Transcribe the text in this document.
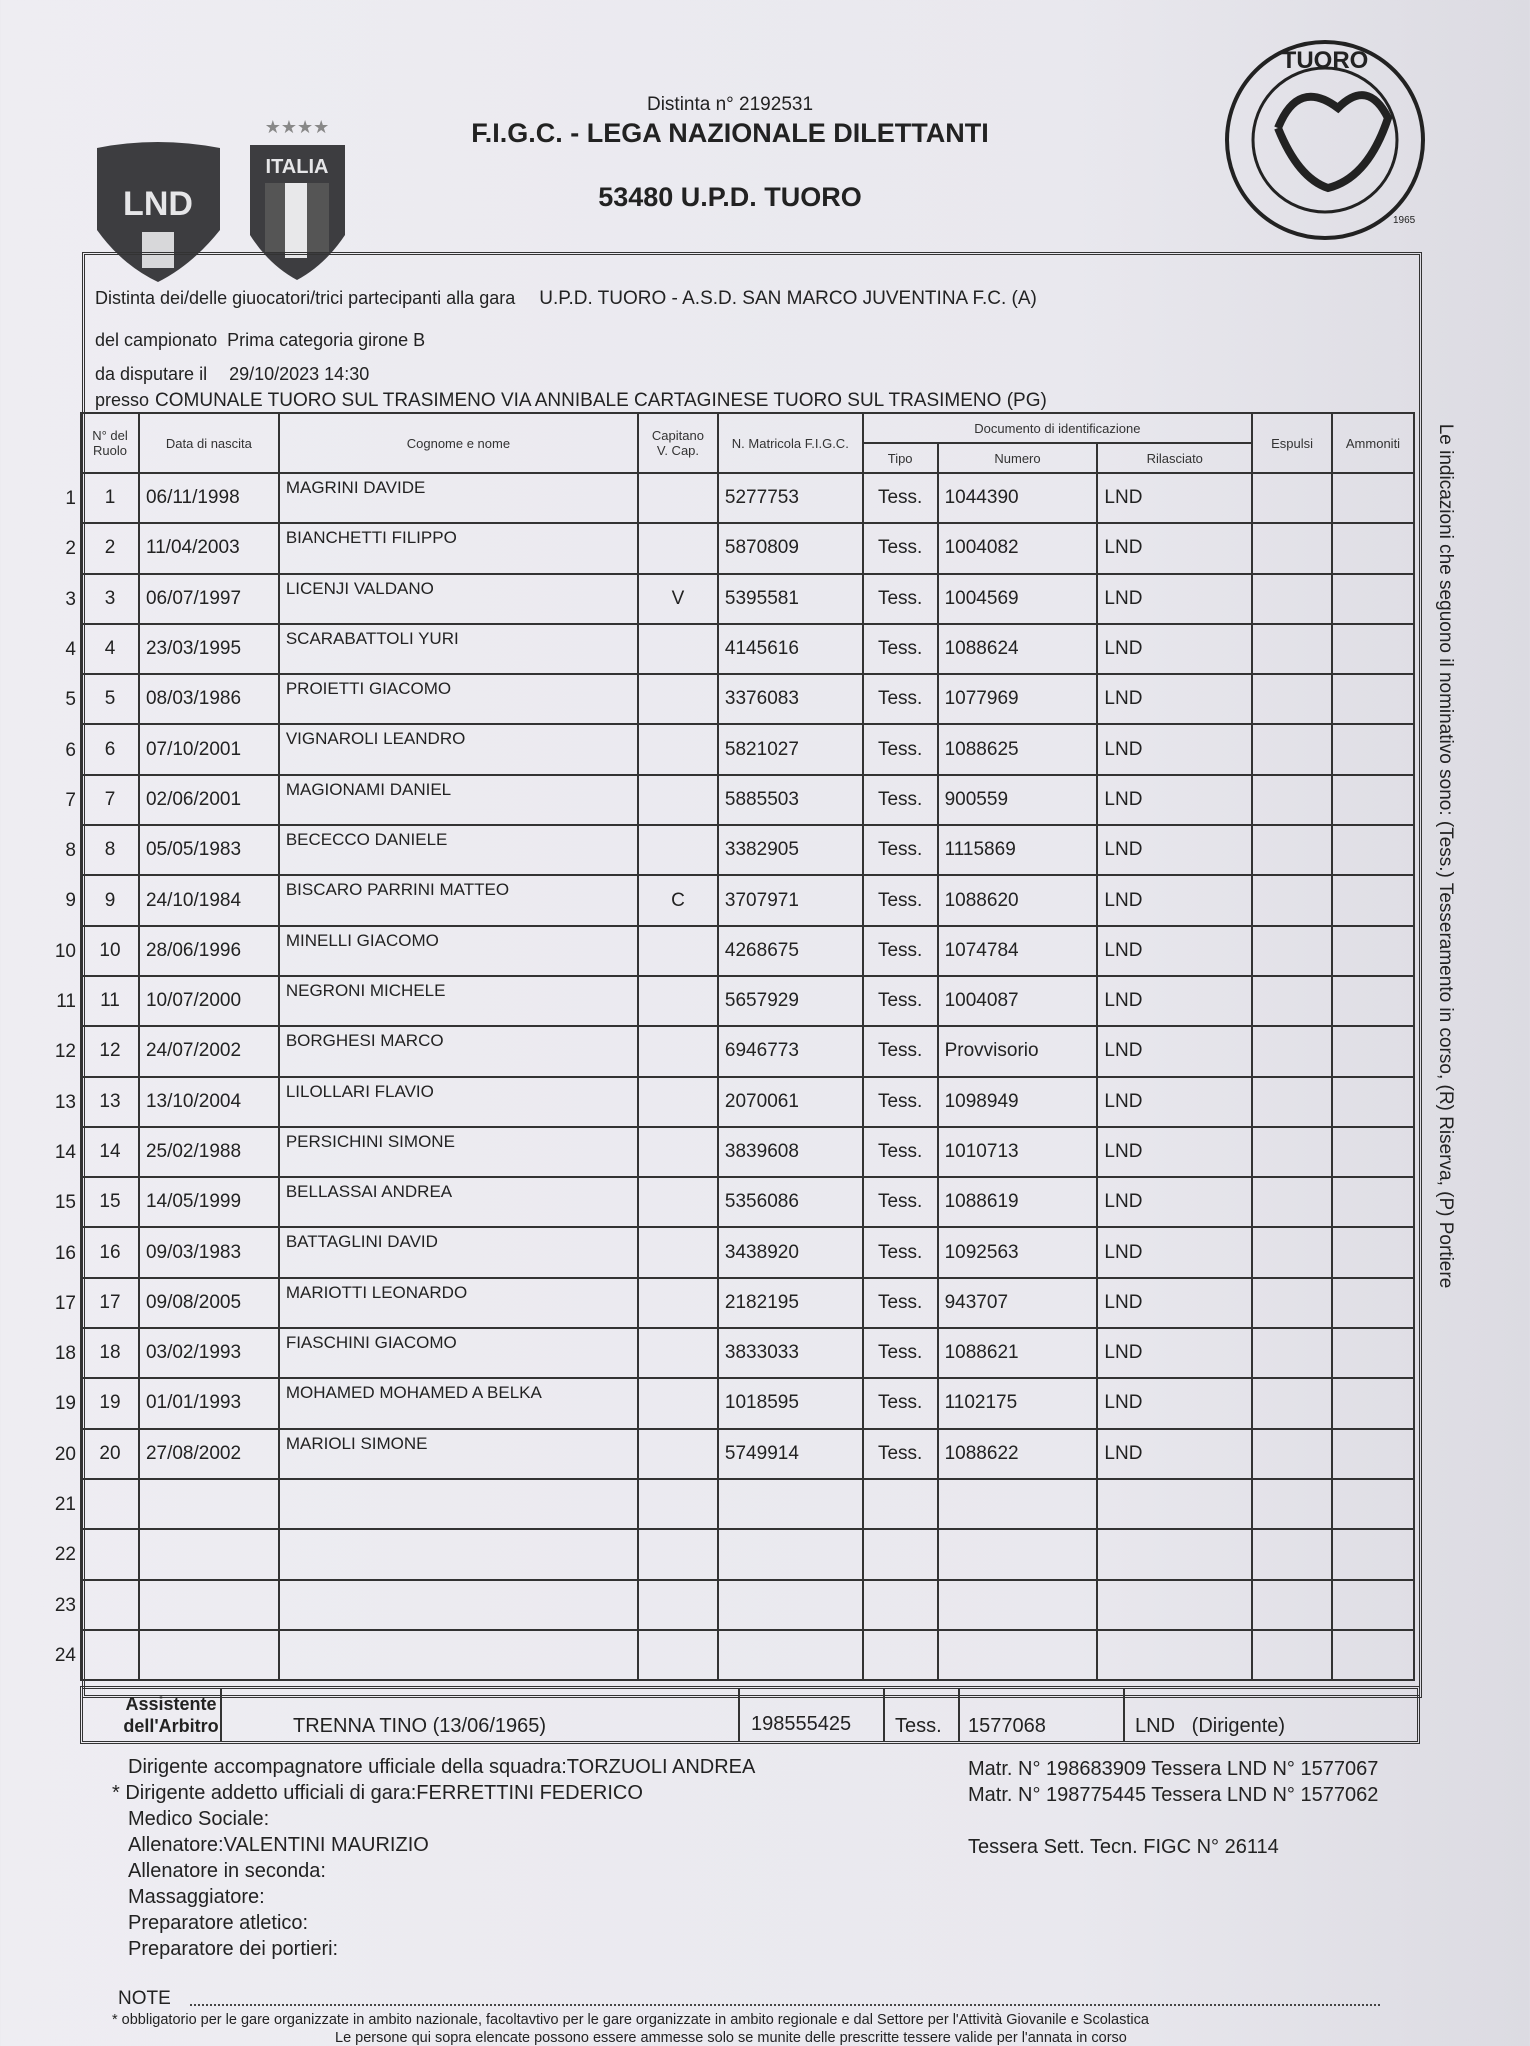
LND
★★★★
ITALIA
TUORO
1965
Distinta n° 2192531
F.I.G.C. - LEGA NAZIONALE DILETTANTI
53480 U.P.D. TUORO
Distinta dei/delle giuocatori/trici partecipanti alla gara U.P.D. TUORO - A.S.D. SAN MARCO JUVENTINA F.C. (A)
del campionato Prima categoria girone B
da disputare il 29/10/2023 14:30
presso COMUNALE TUORO SUL TRASIMENO VIA ANNIBALE CARTAGINESE TUORO SUL TRASIMENO (PG)
N° del Ruolo	Data di nascita	Cognome e nome	Capitano V. Cap.	N. Matricola F.I.G.C.	Documento di identificazione			Espulsi	Ammoniti
					Tipo	Numero	Rilasciato		
1	06/11/1998	MAGRINI DAVIDE		5277753	Tess.	1044390	LND		
2	11/04/2003	BIANCHETTI FILIPPO		5870809	Tess.	1004082	LND		
3	06/07/1997	LICENJI VALDANO	V	5395581	Tess.	1004569	LND		
4	23/03/1995	SCARABATTOLI YURI		4145616	Tess.	1088624	LND		
5	08/03/1986	PROIETTI GIACOMO		3376083	Tess.	1077969	LND		
6	07/10/2001	VIGNAROLI LEANDRO		5821027	Tess.	1088625	LND		
7	02/06/2001	MAGIONAMI DANIEL		5885503	Tess.	900559	LND		
8	05/05/1983	BECECCO DANIELE		3382905	Tess.	1115869	LND		
9	24/10/1984	BISCARO PARRINI MATTEO	C	3707971	Tess.	1088620	LND		
10	28/06/1996	MINELLI GIACOMO		4268675	Tess.	1074784	LND		
11	10/07/2000	NEGRONI MICHELE		5657929	Tess.	1004087	LND		
12	24/07/2002	BORGHESI MARCO		6946773	Tess.	Provvisorio	LND		
13	13/10/2004	LILOLLARI FLAVIO		2070061	Tess.	1098949	LND		
14	25/02/1988	PERSICHINI SIMONE		3839608	Tess.	1010713	LND		
15	14/05/1999	BELLASSAI ANDREA		5356086	Tess.	1088619	LND		
16	09/03/1983	BATTAGLINI DAVID		3438920	Tess.	1092563	LND		
17	09/08/2005	MARIOTTI LEONARDO		2182195	Tess.	943707	LND		
18	03/02/1993	FIASCHINI GIACOMO		3833033	Tess.	1088621	LND		
19	01/01/1993	MOHAMED MOHAMED A BELKA		1018595	Tess.	1102175	LND		
20	27/08/2002	MARIOLI SIMONE		5749914	Tess.	1088622	LND		

1
2
3
4
5
6
7
8
9
10
11
12
13
14
15
16
17
18
19
20
21
22
23
24
Assistente
dell'Arbitro	TRENNA TINO (13/06/1965)	198555425 Tess. 1577068	LND   (Dirigente)
Dirigente accompagnatore ufficiale della squadra:TORZUOLI ANDREA
* Dirigente addetto ufficiali di gara:FERRETTINI FEDERICO
Medico Sociale:
Allenatore:VALENTINI MAURIZIO
Allenatore in seconda:
Massaggiatore:
Preparatore atletico:
Preparatore dei portieri:
Matr. N° 198683909 Tessera LND N° 1577067
Matr. N° 198775445 Tessera LND N° 1577062
Tessera Sett. Tecn. FIGC N° 26114
NOTE
* obbligatorio per le gare organizzate in ambito nazionale, facoltavtivo per le gare organizzate in ambito regionale e dal Settore per l'Attività Giovanile e Scolastica
Le persone qui sopra elencate possono essere ammesse solo se munite delle prescritte tessere valide per l'annata in corso
Le indicazioni che seguono il nominativo sono: (Tess.) Tesseramento in corso, (R) Riserva, (P) Portiere
